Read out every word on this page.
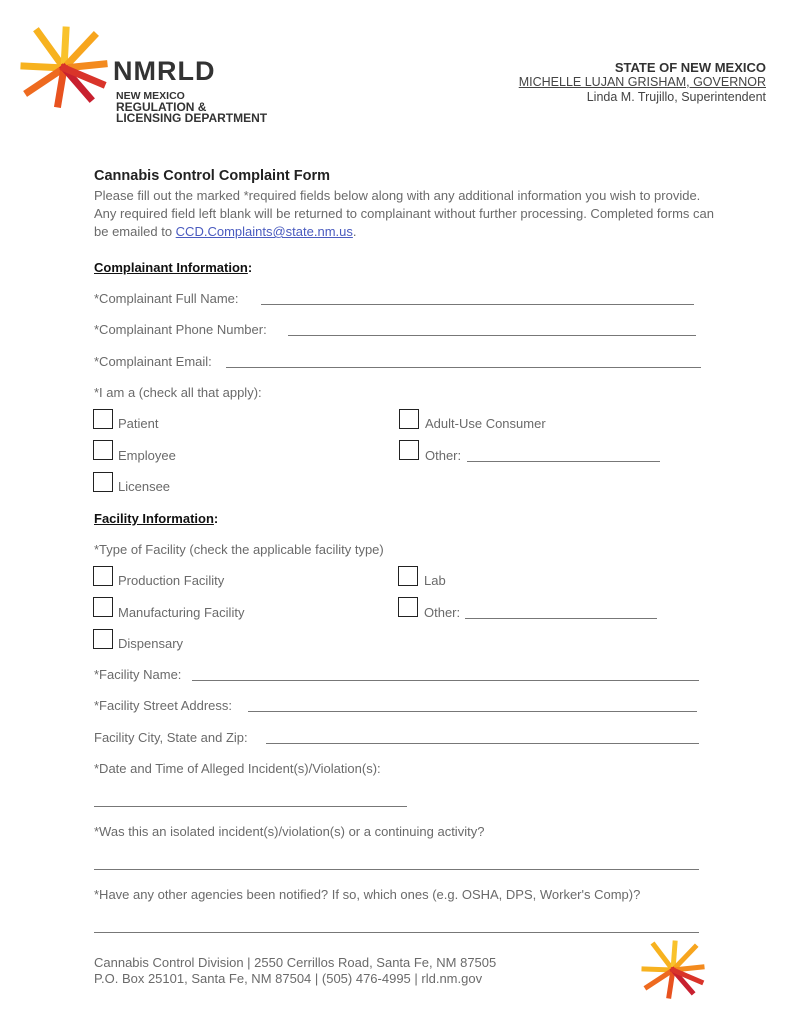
NMRLD
NEW MEXICO
REGULATION &
LICENSING DEPARTMENT
STATE OF NEW MEXICO
MICHELLE LUJAN GRISHAM, GOVERNOR
Linda M. Trujillo, Superintendent
Cannabis Control Complaint Form
Please fill out the marked *required fields below along with any additional information you wish to provide. Any required field left blank will be returned to complainant without further processing. Completed forms can be emailed to CCD.Complaints@state.nm.us.
Complainant Information:
*Complainant Full Name:
*Complainant Phone Number:
*Complainant Email:
*I am a (check all that apply):
Patient	Adult-Use Consumer
Employee	Other:
Licensee
Facility Information:
*Type of Facility (check the applicable facility type)
Production Facility	Lab
Manufacturing Facility	Other:
Dispensary
*Facility Name:
*Facility Street Address:
Facility City, State and Zip:
*Date and Time of Alleged Incident(s)/Violation(s):
*Was this an isolated incident(s)/violation(s) or a continuing activity?
*Have any other agencies been notified? If so, which ones (e.g. OSHA, DPS, Worker's Comp)?
Cannabis Control Division | 2550 Cerrillos Road, Santa Fe, NM 87505
P.O. Box 25101, Santa Fe, NM 87504 | (505) 476-4995 | rld.nm.gov
